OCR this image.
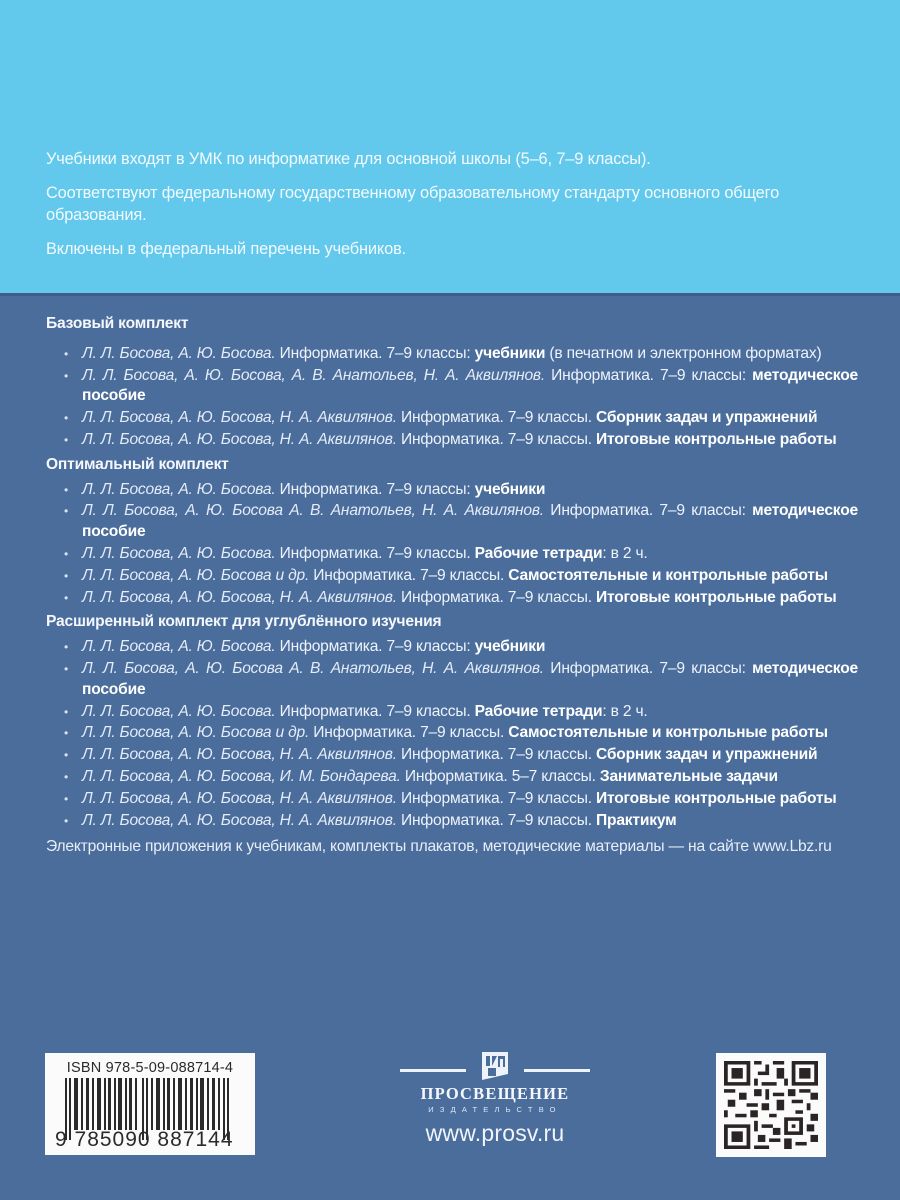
Учебники входят в УМК по информатике для основной школы (5–6, 7–9 классы).

Соответствуют федеральному государственному образовательному стандарту основного общего образования.

Включены в федеральный перечень учебников.

Базовый комплект
• Л. Л. Босова, А. Ю. Босова. Информатика. 7–9 классы: учебники (в печатном и электронном форматах)
• Л. Л. Босова, А. Ю. Босова, А. В. Анатольев, Н. А. Аквилянов. Информатика. 7–9 классы: методическое пособие
• Л. Л. Босова, А. Ю. Босова, Н. А. Аквилянов. Информатика. 7–9 классы. Сборник задач и упражнений
• Л. Л. Босова, А. Ю. Босова, Н. А. Аквилянов. Информатика. 7–9 классы. Итоговые контрольные работы
Оптимальный комплект
• Л. Л. Босова, А. Ю. Босова. Информатика. 7–9 классы: учебники
• Л. Л. Босова, А. Ю. Босова А. В. Анатольев, Н. А. Аквилянов. Информатика. 7–9 классы: методическое пособие
• Л. Л. Босова, А. Ю. Босова. Информатика. 7–9 классы. Рабочие тетради: в 2 ч.
• Л. Л. Босова, А. Ю. Босова и др. Информатика. 7–9 классы. Самостоятельные и контрольные работы
• Л. Л. Босова, А. Ю. Босова, Н. А. Аквилянов. Информатика. 7–9 классы. Итоговые контрольные работы
Расширенный комплект для углублённого изучения
• Л. Л. Босова, А. Ю. Босова. Информатика. 7–9 классы: учебники
• Л. Л. Босова, А. Ю. Босова А. В. Анатольев, Н. А. Аквилянов. Информатика. 7–9 классы: методическое пособие
• Л. Л. Босова, А. Ю. Босова. Информатика. 7–9 классы. Рабочие тетради: в 2 ч.
• Л. Л. Босова, А. Ю. Босова и др. Информатика. 7–9 классы. Самостоятельные и контрольные работы
• Л. Л. Босова, А. Ю. Босова, Н. А. Аквилянов. Информатика. 7–9 классы. Сборник задач и упражнений
• Л. Л. Босова, А. Ю. Босова, И. М. Бондарева. Информатика. 5–7 классы. Занимательные задачи
• Л. Л. Босова, А. Ю. Босова, Н. А. Аквилянов. Информатика. 7–9 классы. Итоговые контрольные работы
• Л. Л. Босова, А. Ю. Босова, Н. А. Аквилянов. Информатика. 7–9 классы. Практикум
Электронные приложения к учебникам, комплекты плакатов, методические материалы — на сайте www.Lbz.ru
ISBN 978-5-09-088714-4
9 785090 887144
ПРОСВЕЩЕНИЕ
ИЗДАТЕЛЬСТВО
www.prosv.ru
